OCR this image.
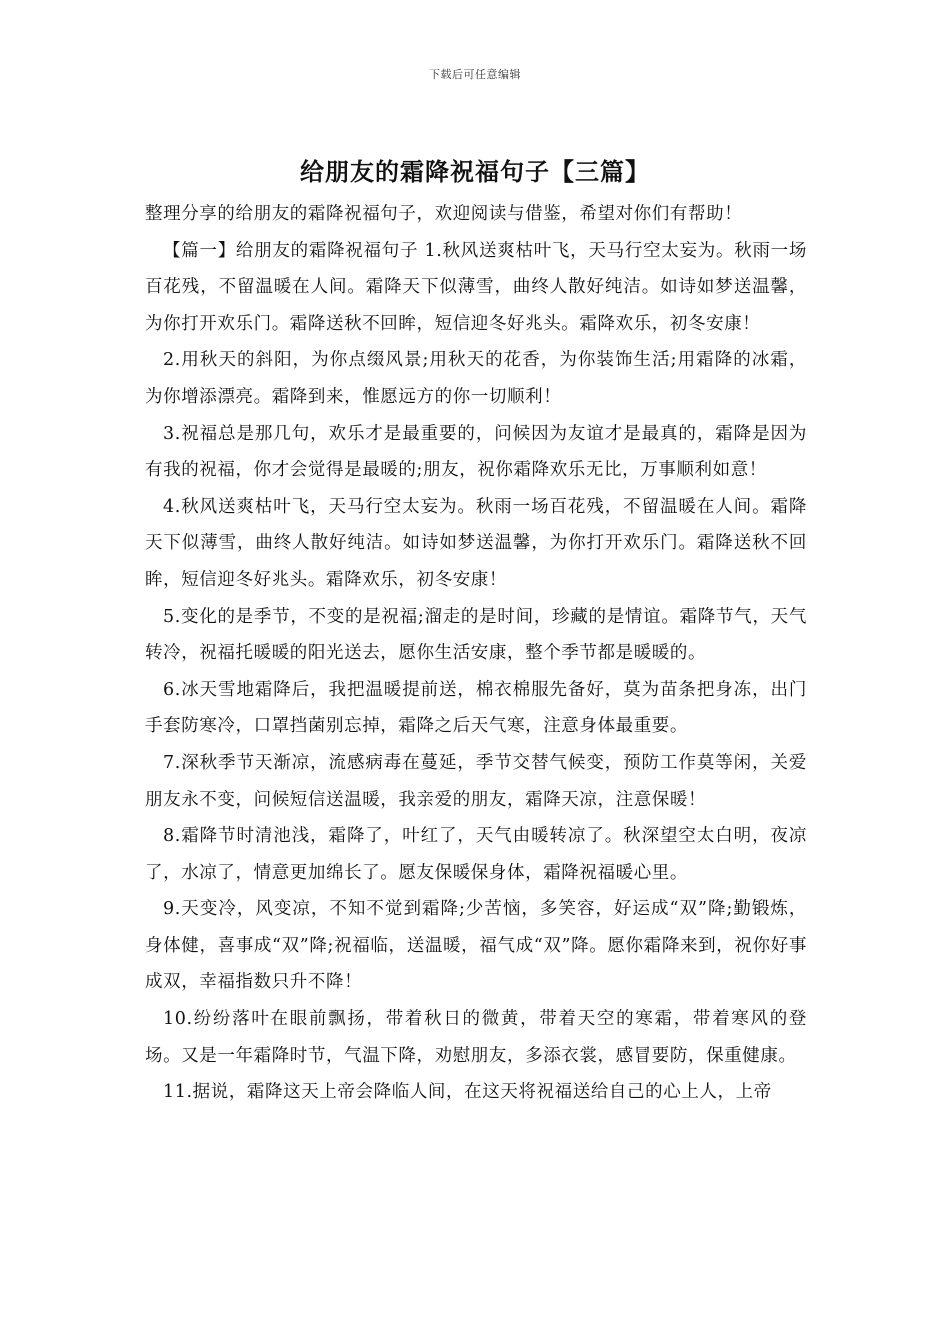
下载后可任意编辑
给朋友的霜降祝福句子【三篇】

整理分享的给朋友的霜降祝福句子，欢迎阅读与借鉴，希望对你们有帮助！

【篇一】给朋友的霜降祝福句子 1.秋风送爽枯叶飞，天马行空太妄为。秋雨一场百花残，不留温暖在人间。霜降天下似薄雪，曲终人散好纯洁。如诗如梦送温馨，为你打开欢乐门。霜降送秋不回眸，短信迎冬好兆头。霜降欢乐，初冬安康！

2.用秋天的斜阳，为你点缀风景;用秋天的花香，为你装饰生活;用霜降的冰霜，为你增添漂亮。霜降到来，惟愿远方的你一切顺利！

3.祝福总是那几句，欢乐才是最重要的，问候因为友谊才是最真的，霜降是因为有我的祝福，你才会觉得是最暖的;朋友，祝你霜降欢乐无比，万事顺利如意！

4.秋风送爽枯叶飞，天马行空太妄为。秋雨一场百花残，不留温暖在人间。霜降天下似薄雪，曲终人散好纯洁。如诗如梦送温馨，为你打开欢乐门。霜降送秋不回眸，短信迎冬好兆头。霜降欢乐，初冬安康！

5.变化的是季节，不变的是祝福;溜走的是时间，珍藏的是情谊。霜降节气，天气转冷，祝福托暖暖的阳光送去，愿你生活安康，整个季节都是暖暖的。

6.冰天雪地霜降后，我把温暖提前送，棉衣棉服先备好，莫为苗条把身冻，出门手套防寒冷，口罩挡菌别忘掉，霜降之后天气寒，注意身体最重要。

7.深秋季节天渐凉，流感病毒在蔓延，季节交替气候变，预防工作莫等闲，关爱朋友永不变，问候短信送温暖，我亲爱的朋友，霜降天凉，注意保暖！

8.霜降节时清池浅，霜降了，叶红了，天气由暖转凉了。秋深望空太白明，夜凉了，水凉了，情意更加绵长了。愿友保暖保身体，霜降祝福暖心里。

9.天变冷，风变凉，不知不觉到霜降;少苦恼，多笑容，好运成“双”降;勤锻炼，身体健，喜事成“双”降;祝福临，送温暖，福气成“双”降。愿你霜降来到，祝你好事成双，幸福指数只升不降！

10.纷纷落叶在眼前飘扬，带着秋日的微黄，带着天空的寒霜，带着寒风的登场。又是一年霜降时节，气温下降，劝慰朋友，多添衣裳，感冒要防，保重健康。

11.据说，霜降这天上帝会降临人间，在这天将祝福送给自己的心上人，上帝
